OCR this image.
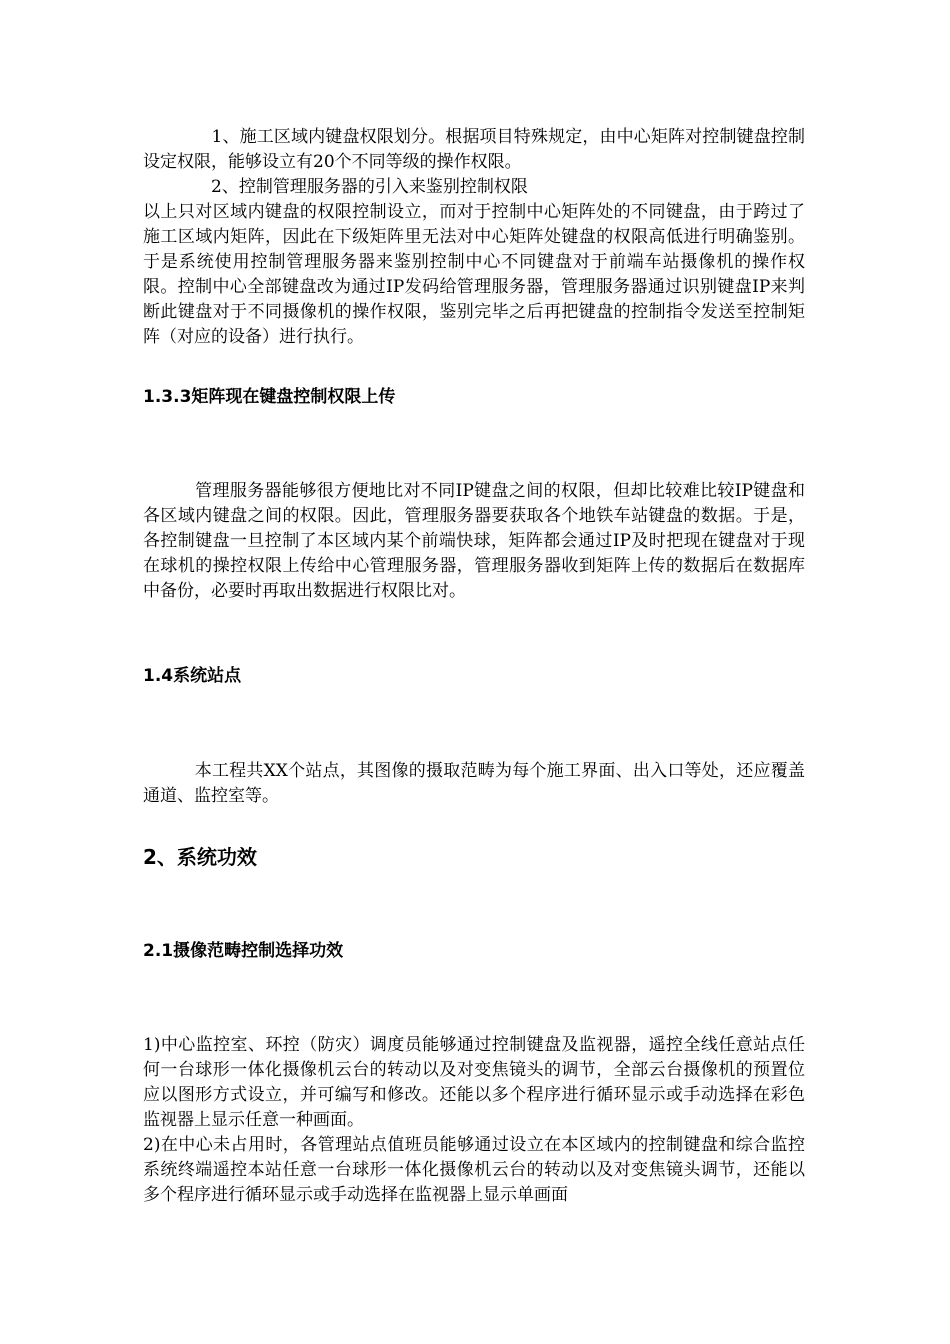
　　　　1、施工区域内键盘权限划分。根据项目特殊规定，由中心矩阵对控制键盘控制设定权限，能够设立有20个不同等级的操作权限。

　　　　2、控制管理服务器的引入来鉴别控制权限

以上只对区域内键盘的权限控制设立，而对于控制中心矩阵处的不同键盘，由于跨过了施工区域内矩阵，因此在下级矩阵里无法对中心矩阵处键盘的权限高低进行明确鉴别。于是系统使用控制管理服务器来鉴别控制中心不同键盘对于前端车站摄像机的操作权限。控制中心全部键盘改为通过IP发码给管理服务器，管理服务器通过识别键盘IP来判断此键盘对于不同摄像机的操作权限，鉴别完毕之后再把键盘的控制指令发送至控制矩阵（对应的设备）进行执行。

1.3.3矩阵现在键盘控制权限上传

　　　管理服务器能够很方便地比对不同IP键盘之间的权限，但却比较难比较IP键盘和各区域内键盘之间的权限。因此，管理服务器要获取各个地铁车站键盘的数据。于是，各控制键盘一旦控制了本区域内某个前端快球，矩阵都会通过IP及时把现在键盘对于现在球机的操控权限上传给中心管理服务器，管理服务器收到矩阵上传的数据后在数据库中备份，必要时再取出数据进行权限比对。

1.4系统站点

　　　本工程共XX个站点，其图像的摄取范畴为每个施工界面、出入口等处，还应覆盖通道、监控室等。

2、系统功效
2.1摄像范畴控制选择功效

1)中心监控室、环控（防灾）调度员能够通过控制键盘及监视器，遥控全线任意站点任何一台球形一体化摄像机云台的转动以及对变焦镜头的调节，全部云台摄像机的预置位应以图形方式设立，并可编写和修改。还能以多个程序进行循环显示或手动选择在彩色监视器上显示任意一种画面。

2)在中心未占用时，各管理站点值班员能够通过设立在本区域内的控制键盘和综合监控系统终端遥控本站任意一台球形一体化摄像机云台的转动以及对变焦镜头调节，还能以多个程序进行循环显示或手动选择在监视器上显示单画面
